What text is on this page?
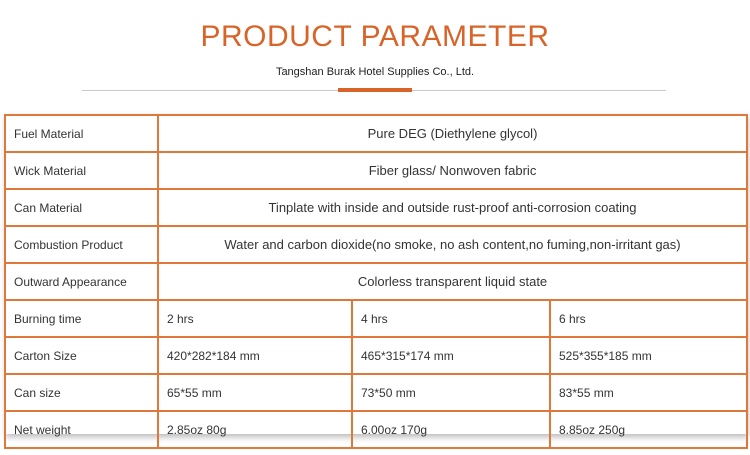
PRODUCT PARAMETER
Tangshan Burak Hotel Supplies Co., Ltd.
Fuel Material	Pure DEG (Diethylene glycol)		
Wick Material	Fiber glass/ Nonwoven fabric		
Can Material	Tinplate with inside and outside rust-proof anti-corrosion coating		
Combustion Product	Water and carbon dioxide(no smoke, no ash content,no fuming,non-irritant gas)		
Outward Appearance	Colorless transparent liquid state		
Burning time	2 hrs	4 hrs	6 hrs
Carton Size	420*282*184 mm	465*315*174 mm	525*355*185 mm
Can size	65*55 mm	73*50 mm	83*55 mm
Net weight	2.85oz 80g	6.00oz 170g	8.85oz 250g
